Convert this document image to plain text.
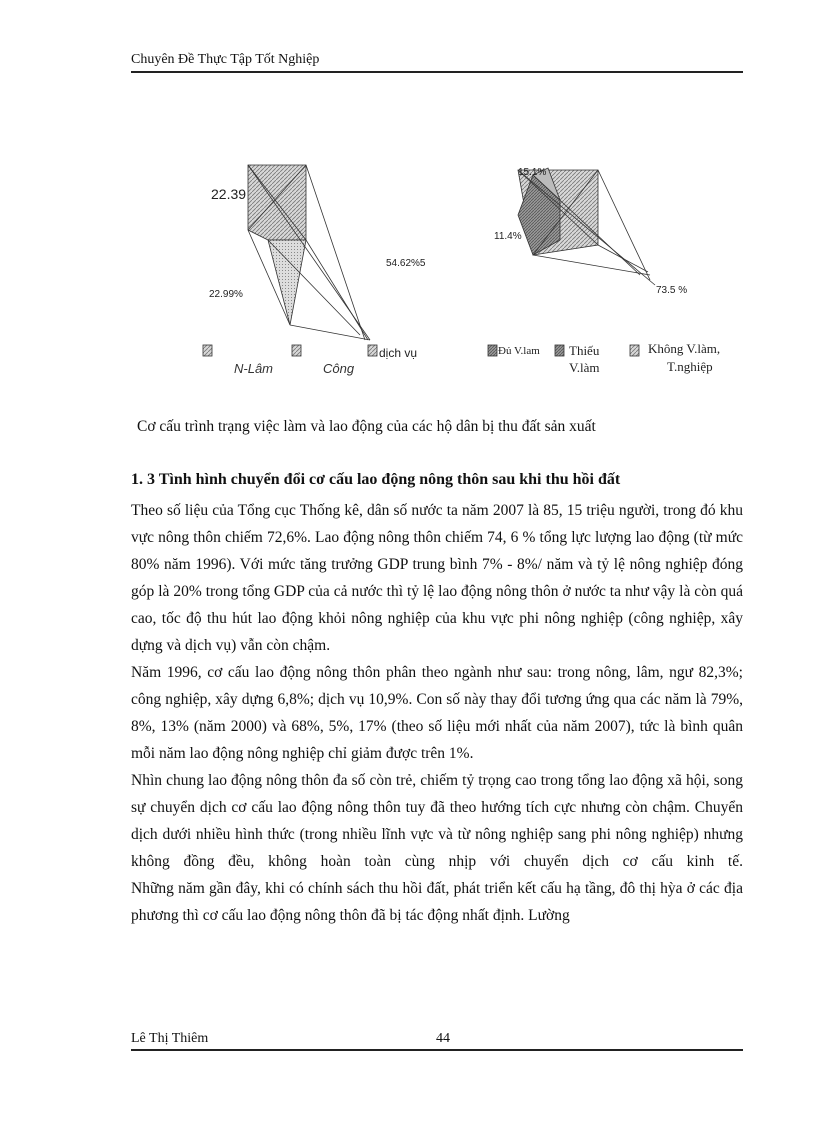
Chuyên Đề Thực Tập Tốt Nghiệp
22.39
22.99%
54.62%5
15.1%
11.4%
73.5 %
dịch vụ
N-Lâm	Công
Đủ V.lam Thiếu	Không V.làm,
V.làm	T.nghiệp
Cơ cấu trình trạng việc làm và lao động của các hộ dân bị thu đất sản xuất
1. 3 Tình hình chuyển đổi cơ cấu lao động nông thôn sau khi thu hồi đất

Theo số liệu của Tổng cục Thống kê, dân số nước ta năm 2007 là 85, 15 triệu người, trong đó khu vực nông thôn chiếm 72,6%. Lao động nông thôn chiếm 74, 6 % tổng lực lượng lao động (từ mức 80% năm 1996). Với mức tăng trưởng GDP trung bình 7% - 8%/ năm và tỷ lệ nông nghiệp đóng góp là 20% trong tổng GDP của cả nước thì tỷ lệ lao động nông thôn ở nước ta như vậy là còn quá cao, tốc độ thu hút lao động khỏi nông nghiệp của khu vực phi nông nghiệp (công nghiệp, xây dựng và dịch vụ) vẫn còn chậm.

Năm 1996, cơ cấu lao động nông thôn phân theo ngành như sau: trong nông, lâm, ngư 82,3%; công nghiệp, xây dựng 6,8%; dịch vụ 10,9%. Con số này thay đổi tương ứng qua các năm là 79%, 8%, 13% (năm 2000) và 68%, 5%, 17% (theo số liệu mới nhất của năm 2007), tức là bình quân mỗi năm lao động nông nghiệp chỉ giảm được trên 1%.

Nhìn chung lao động nông thôn đa số còn trẻ, chiếm tỷ trọng cao trong tổng lao động xã hội, song sự chuyển dịch cơ cấu lao động nông thôn tuy đã theo hướng tích cực nhưng còn chậm. Chuyển dịch dưới nhiều hình thức (trong nhiều lĩnh vực và từ nông nghiệp sang phi nông nghiệp) nhưng không đồng đều, không hoàn toàn cùng nhịp với chuyển dịch cơ cấu kinh tế.

Những năm gần đây, khi có chính sách thu hồi đất, phát triển kết cấu hạ tầng, đô thị hỳa ở các địa phương thì cơ cấu lao động nông thôn đã bị tác động nhất định. Lường

Lê Thị Thiêm	44
